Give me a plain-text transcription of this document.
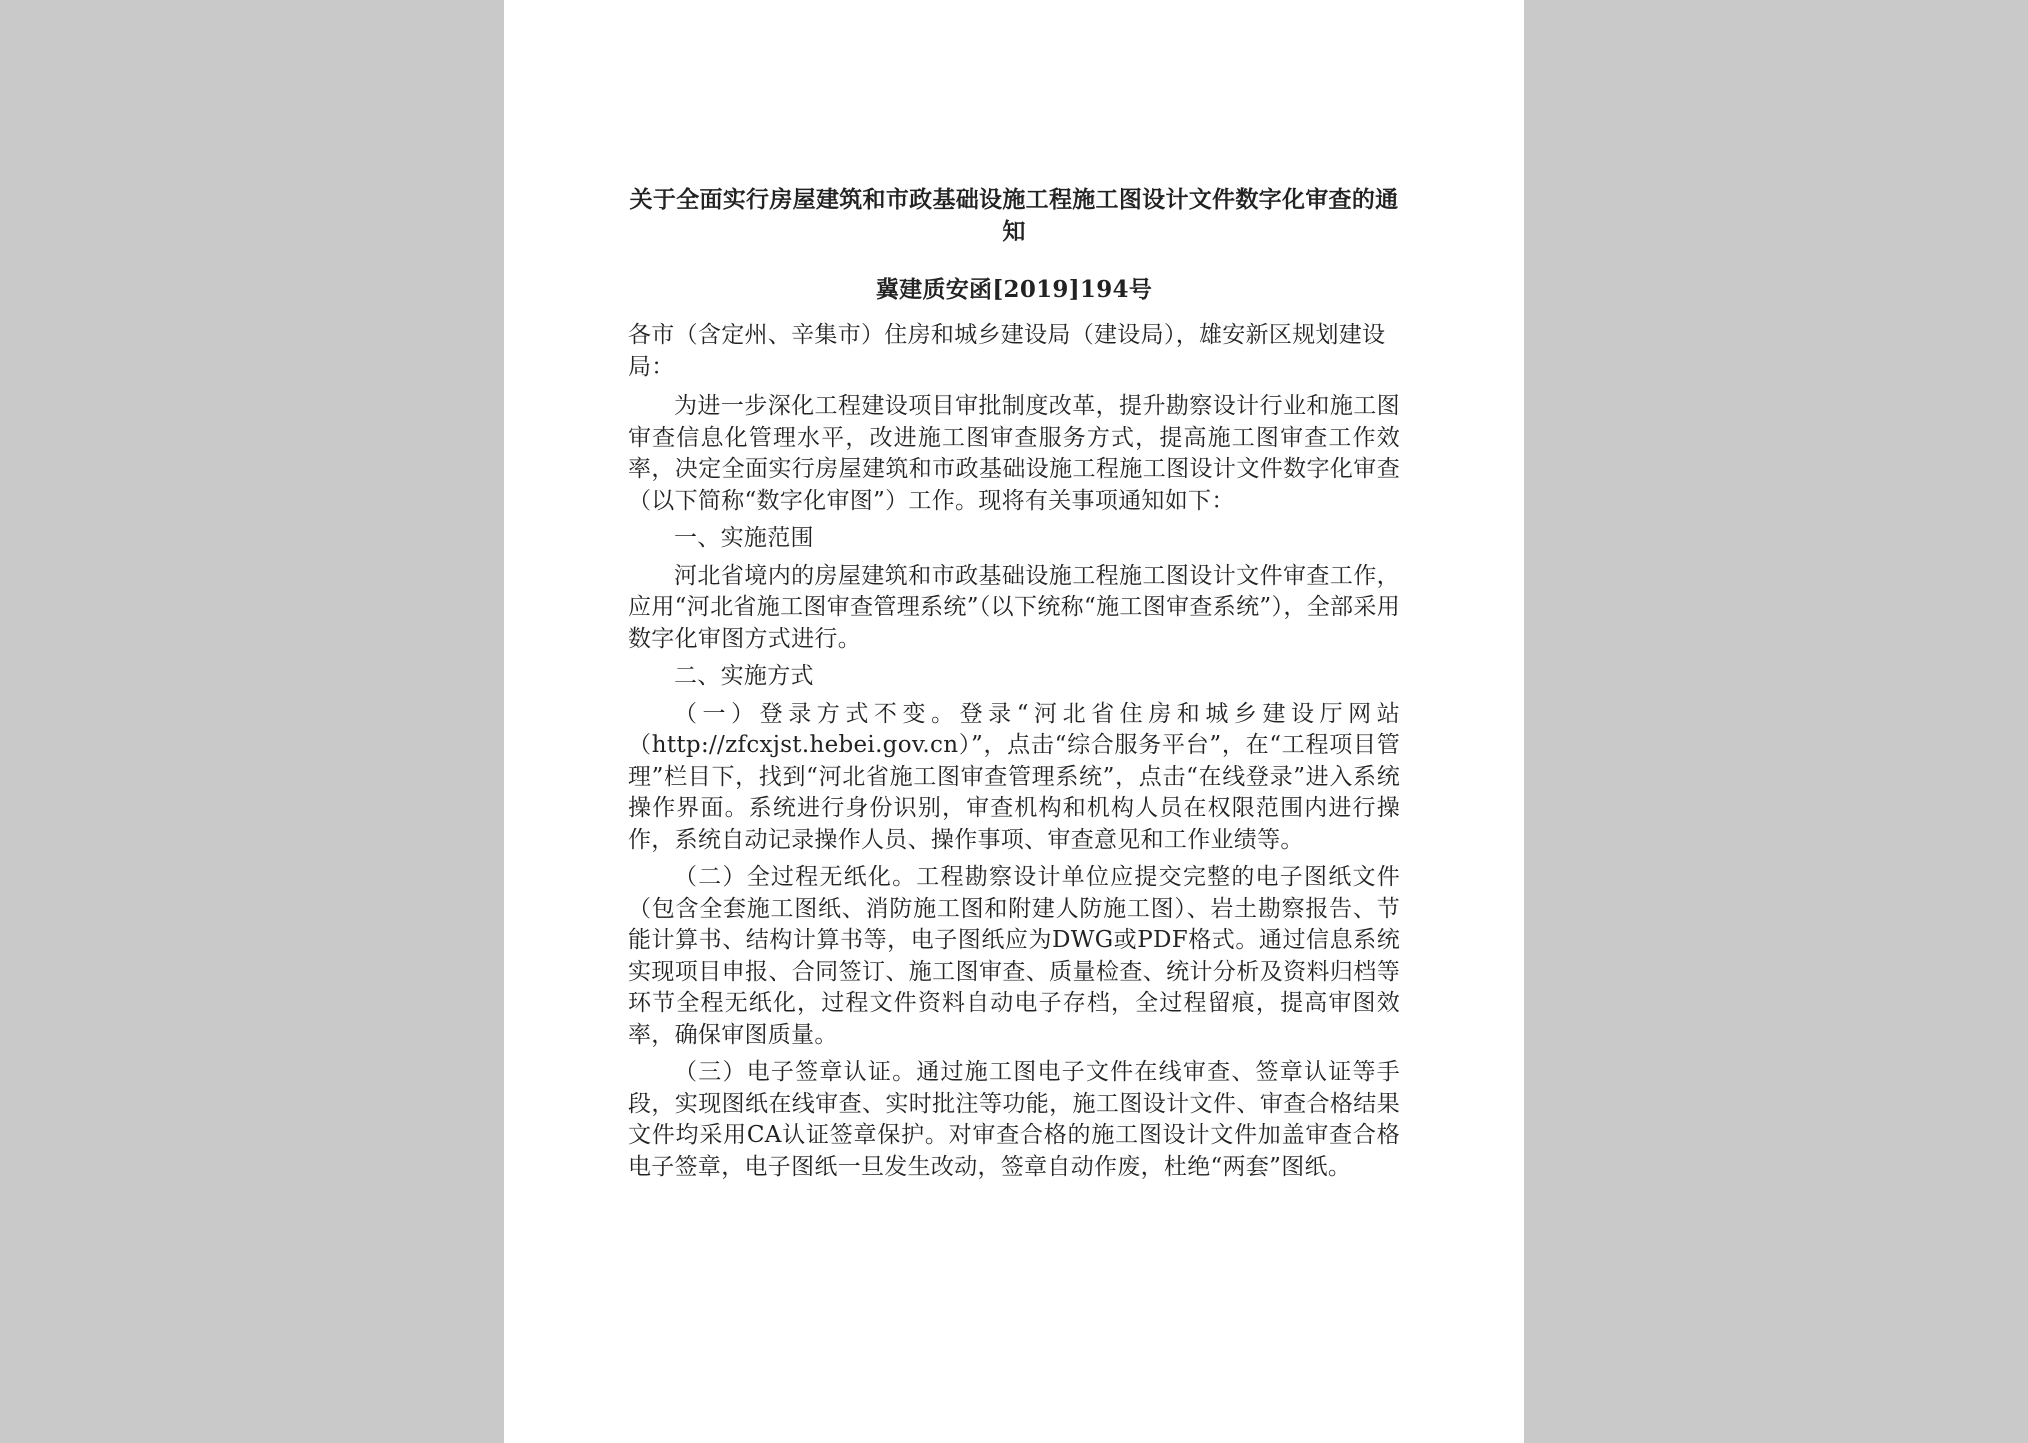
关于全面实行房屋建筑和市政基础设施工程施工图设计文件数字化审查的通知

冀建质安函[2019]194号

各市（含定州、辛集市）住房和城乡建设局（建设局），雄安新区规划建设局：

为进一步深化工程建设项目审批制度改革，提升勘察设计行业和施工图审查信息化管理水平，改进施工图审查服务方式，提高施工图审查工作效率，决定全面实行房屋建筑和市政基础设施工程施工图设计文件数字化审查（以下简称“数字化审图”）工作。现将有关事项通知如下：

一、实施范围

河北省境内的房屋建筑和市政基础设施工程施工图设计文件审查工作，应用“河北省施工图审查管理系统”（以下统称“施工图审查系统”），全部采用数字化审图方式进行。

二、实施方式

（一）登录方式不变。登录“河北省住房和城乡建设厅网站（http://zfcxjst.hebei.gov.cn）”，点击“综合服务平台”，在“工程项目管理”栏目下，找到“河北省施工图审查管理系统”，点击“在线登录”进入系统操作界面。系统进行身份识别，审查机构和机构人员在权限范围内进行操作，系统自动记录操作人员、操作事项、审查意见和工作业绩等。

（二）全过程无纸化。工程勘察设计单位应提交完整的电子图纸文件（包含全套施工图纸、消防施工图和附建人防施工图）、岩土勘察报告、节能计算书、结构计算书等，电子图纸应为DWG或PDF格式。通过信息系统实现项目申报、合同签订、施工图审查、质量检查、统计分析及资料归档等环节全程无纸化，过程文件资料自动电子存档，全过程留痕，提高审图效率，确保审图质量。

（三）电子签章认证。通过施工图电子文件在线审查、签章认证等手段，实现图纸在线审查、实时批注等功能，施工图设计文件、审查合格结果文件均采用CA认证签章保护。对审查合格的施工图设计文件加盖审查合格电子签章，电子图纸一旦发生改动，签章自动作废，杜绝“两套”图纸。
